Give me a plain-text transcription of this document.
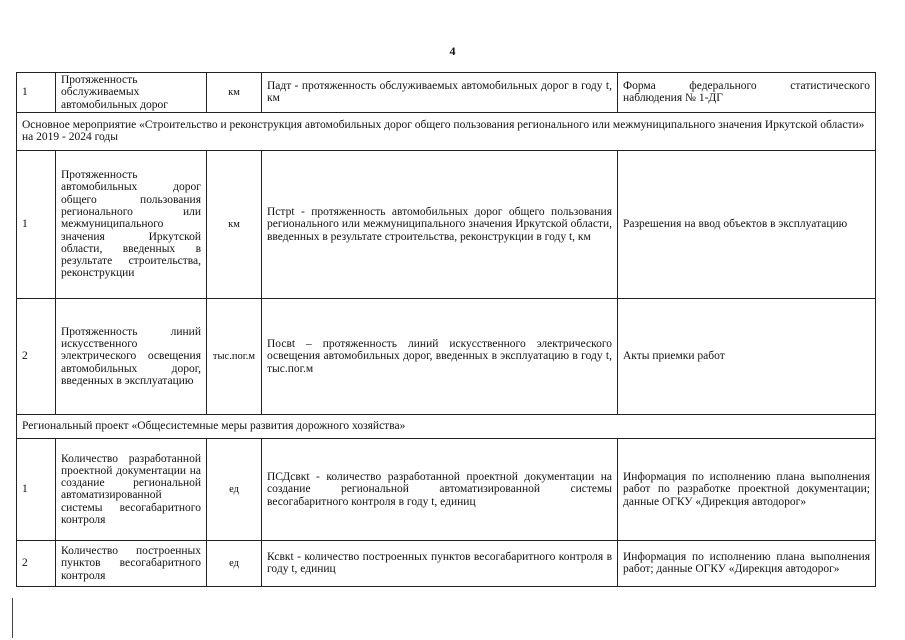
4
1	Протяженность обслуживаемых автомобильных дорог	км	Падт - протяженность обслуживаемых автомобильных дорог в году t, км	Форма федерального статистического наблюдения № 1-ДГ
Основное мероприятие «Строительство и реконструкция автомобильных дорог общего пользования регионального или межмуниципального значения Иркутской области» на 2019 - 2024 годы				
1	Протяженность автомобильных дорог общего пользования регионального или межмуниципального значения Иркутской области, введенных в результате строительства, реконструкции	км	Пстрt - протяженность автомобильных дорог общего пользования регионального или межмуниципального значения Иркутской области, введенных в результате строительства, реконструкции в году t, км	Разрешения на ввод объектов в эксплуатацию
2	Протяженность линий искусственного электрического освещения автомобильных дорог, введенных в эксплуатацию	тыс.пог.м	Посвt – протяженность линий искусственного электрического освещения автомобильных дорог, введенных в эксплуатацию в году t, тыс.пог.м	Акты приемки работ
Региональный проект «Общесистемные меры развития дорожного хозяйства»				
1	Количество разработанной проектной документации на создание региональной автоматизированной системы весогабаритного контроля	ед	ПСДсвкt - количество разработанной проектной документации на создание региональной автоматизированной системы весогабаритного контроля в году t, единиц	Информация по исполнению плана выполнения работ по разработке проектной документации; данные ОГКУ «Дирекция автодорог»
2	Количество построенных пунктов весогабаритного контроля	ед	Ксвкt - количество построенных пунктов весогабаритного контроля в году t, единиц	Информация по исполнению плана выполнения работ; данные ОГКУ «Дирекция автодорог»
